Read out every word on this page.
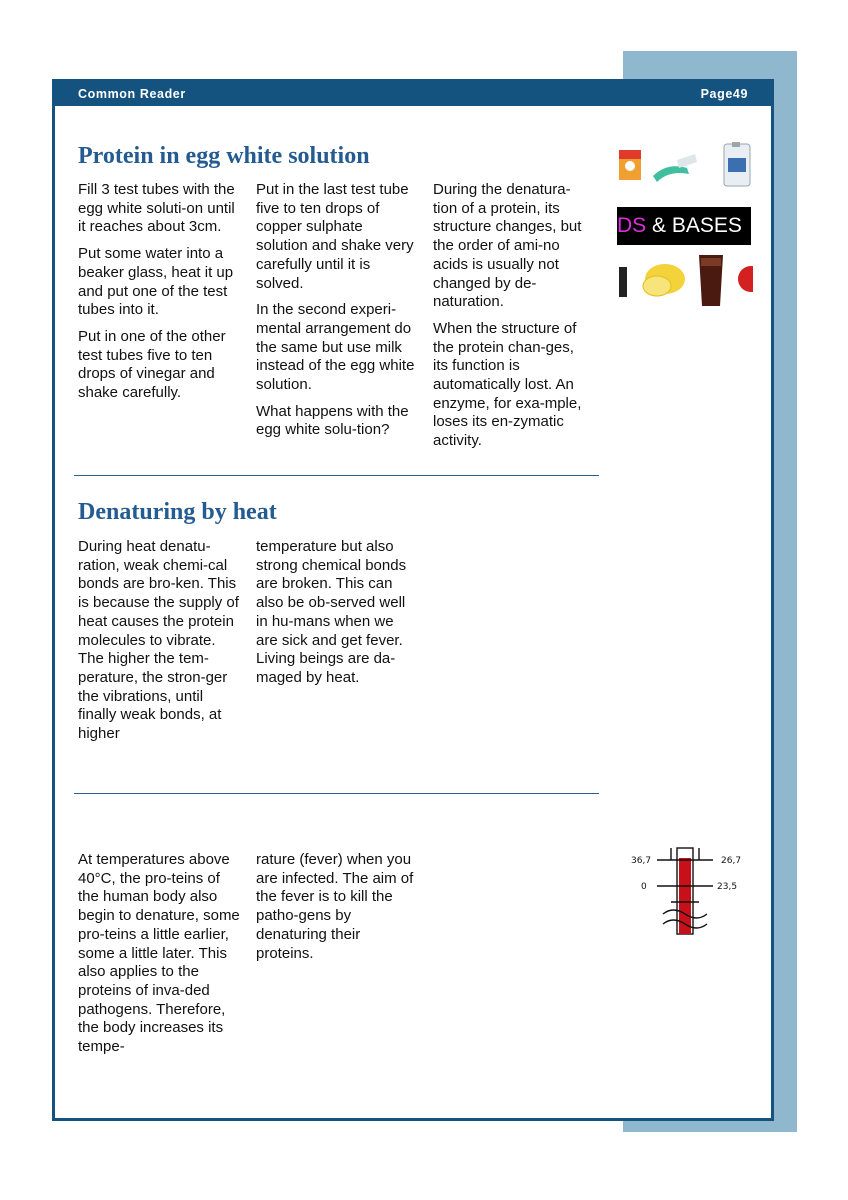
Common Reader	Page49
Protein in egg white solution

Fill 3 test tubes with the egg white soluti-on until it reaches about 3cm.

Put some water into a beaker glass, heat it up and put one of the test tubes into it.

Put in one of the other test tubes five to ten drops of vinegar and shake carefully.

Put in the last test tube five to ten drops of copper sulphate solution and shake very carefully until it is solved.

In the second experi-mental arrangement do the same but use milk instead of the egg white solution.

What happens with the egg white solu-tion?

During the denatura-tion of a protein, its structure changes, but the order of ami-no acids is usually not changed by de-naturation.

When the structure of the protein chan-ges, its function is automatically lost. An enzyme, for exa-mple, loses its en-zymatic activity.

DS & BASES
Denaturing by heat

During heat denatu-ration, weak chemi-cal bonds are bro-ken. This is because the supply of heat causes the protein molecules to vibrate. The higher the tem-perature, the stron-ger the vibrations, until finally weak bonds, at higher

temperature but also strong chemical bonds are broken. This can also be ob-served well in hu-mans when we are sick and get fever. Living beings are da-maged by heat.

At temperatures above 40°C, the pro-teins of the human body also begin to denature, some pro-teins a little earlier, some a little later. This also applies to the proteins of inva-ded pathogens. Therefore, the body increases its tempe-

rature (fever) when you are infected. The aim of the fever is to kill the patho-gens by denaturing their proteins.

36,7
0
26,7
23,5
